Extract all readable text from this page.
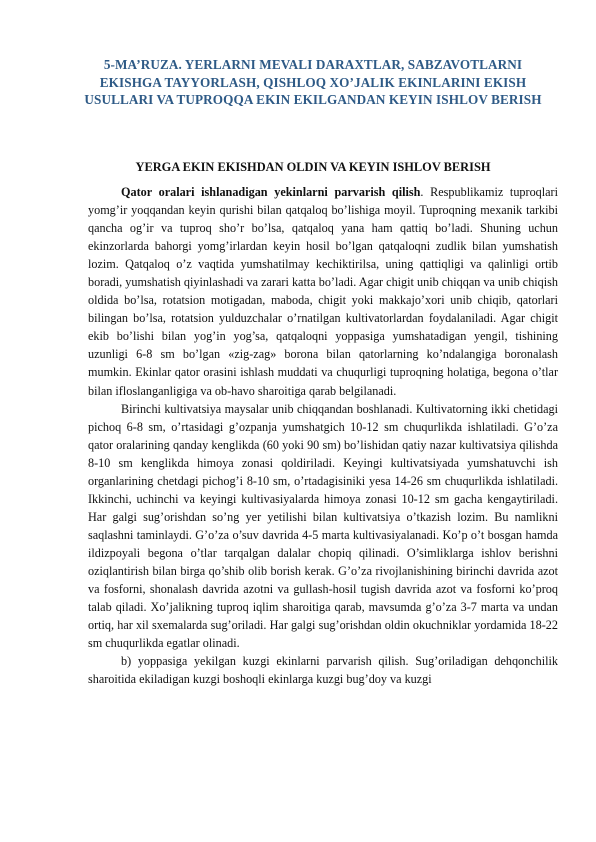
5-MA’RUZA. YERLARNI MEVALI DARAXTLAR, SABZAVOTLARNI EKISHGA TAYYORLASH, QISHLOQ XO’JALIK EKINLARINI EKISH USULLARI VA TUPROQQA EKIN EKILGANDAN KEYIN ISHLOV BERISH
YERGA EKIN EKISHDAN OLDIN VA KEYIN ISHLOV BERISH

Qator oralari ishlanadigan yekinlarni parvarish qilish. Respublikamiz tuproqlari yomg’ir yoqqandan keyin qurishi bilan qatqaloq bo’lishiga moyil. Tuproqning mexanik tarkibi qancha og’ir va tuproq sho’r bo’lsa, qatqaloq yana ham qattiq bo’ladi. Shuning uchun ekinzorlarda bahorgi yomg’irlardan keyin hosil bo’lgan qatqaloqni zudlik bilan yumshatish lozim. Qatqaloq o’z vaqtida yumshatilmay kechiktirilsa, uning qattiqligi va qalinligi ortib boradi, yumshatish qiyinlashadi va zarari katta bo’ladi. Agar chigit unib chiqqan va unib chiqish oldida bo’lsa, rotatsion motigadan, maboda, chigit yoki makkajo’xori unib chiqib, qatorlari bilingan bo’lsa, rotatsion yulduzchalar o’rnatilgan kultivatorlardan foydalaniladi. Agar chigit ekib bo’lishi bilan yog’in yog’sa, qatqaloqni yoppasiga yumshatadigan yengil, tishining uzunligi 6-8 sm bo’lgan «zig-zag» borona bilan qatorlarning ko’ndalangiga boronalash mumkin. Ekinlar qator orasini ishlash muddati va chuqurligi tuproqning holatiga, begona o’tlar bilan ifloslanganligiga va ob-havo sharoitiga qarab belgilanadi.

Birinchi kultivatsiya maysalar unib chiqqandan boshlanadi. Kultivatorning ikki chetidagi pichoq 6-8 sm, o’rtasidagi g’ozpanja yumshatgich 10-12 sm chuqurlikda ishlatiladi. G’o’za qator oralarining qanday kenglikda (60 yoki 90 sm) bo’lishidan qatiy nazar kultivatsiya qilishda 8-10 sm kenglikda himoya zonasi qoldiriladi. Keyingi kultivatsiyada yumshatuvchi ish organlarining chetdagi pichog’i 8-10 sm, o’rtadagisiniki yesa 14-26 sm chuqurlikda ishlatiladi. Ikkinchi, uchinchi va keyingi kultivasiyalarda himoya zonasi 10-12 sm gacha kengaytiriladi. Har galgi sug’orishdan so’ng yer yetilishi bilan kultivatsiya o’tkazish lozim. Bu namlikni saqlashni taminlaydi. G’o’za o’suv davrida 4-5 marta kultivasiyalanadi. Ko’p o’t bosgan hamda ildizpoyali begona o’tlar tarqalgan dalalar chopiq qilinadi. O’simliklarga ishlov berishni oziqlantirish bilan birga qo’shib olib borish kerak. G’o’za rivojlanishining birinchi davrida azot va fosforni, shonalash davrida azotni va gullash-hosil tugish davrida azot va fosforni ko’proq talab qiladi. Xo’jalikning tuproq iqlim sharoitiga qarab, mavsumda g’o’za 3-7 marta va undan ortiq, har xil sxemalarda sug’oriladi. Har galgi sug’orishdan oldin okuchniklar yordamida 18-22 sm chuqurlikda egatlar olinadi.

b) yoppasiga yekilgan kuzgi ekinlarni parvarish qilish. Sug’oriladigan dehqonchilik sharoitida ekiladigan kuzgi boshoqli ekinlarga kuzgi bug’doy va kuzgi
